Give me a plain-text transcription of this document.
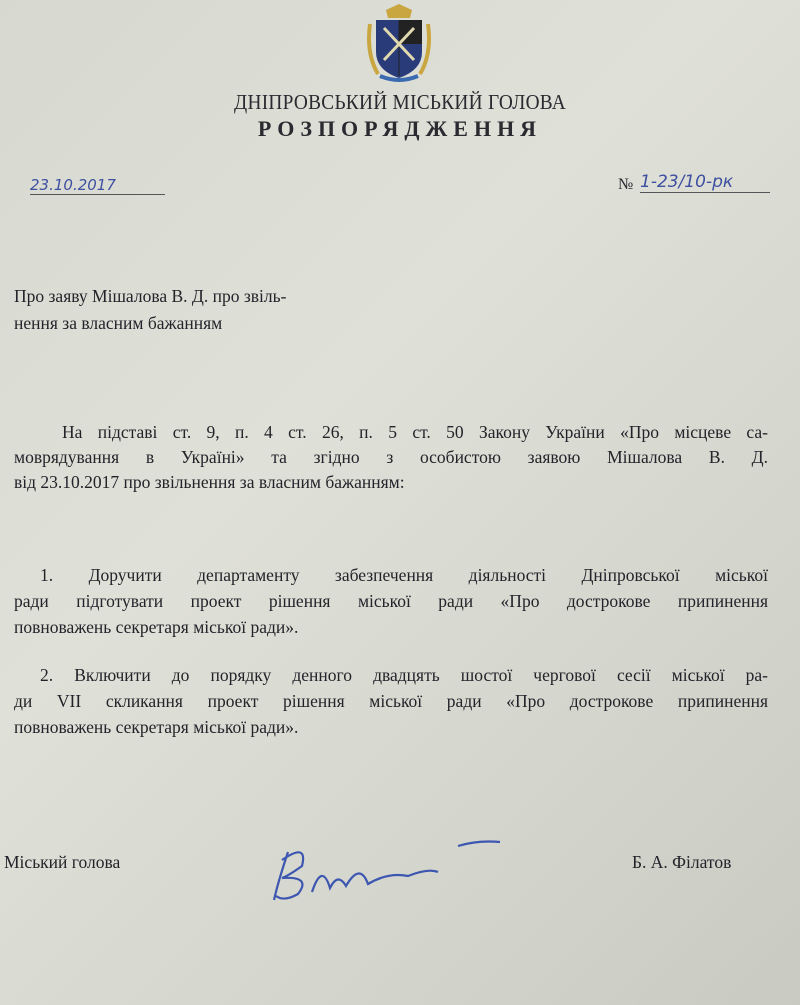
ДНІПРОВСЬКИЙ МІСЬКИЙ ГОЛОВА
РОЗПОРЯДЖЕННЯ
23.10.2017	№ 1-23/10-рк
Про заяву Мішалова В. Д. про звіль-
нення за власним бажанням
На підставі ст. 9, п. 4 ст. 26, п. 5 ст. 50 Закону України «Про місцеве са-
моврядування в Україні» та згідно з особистою заявою Мішалова В. Д.
від 23.10.2017 про звільнення за власним бажанням:
1. Доручити департаменту забезпечення діяльності Дніпровської міської
ради підготувати проект рішення міської ради «Про дострокове припинення
повноважень секретаря міської ради».
2. Включити до порядку денного двадцять шостої чергової сесії міської ра-
ди VII скликання проект рішення міської ради «Про дострокове припинення
повноважень секретаря міської ради».
Міський голова	Б. А. Філатов
